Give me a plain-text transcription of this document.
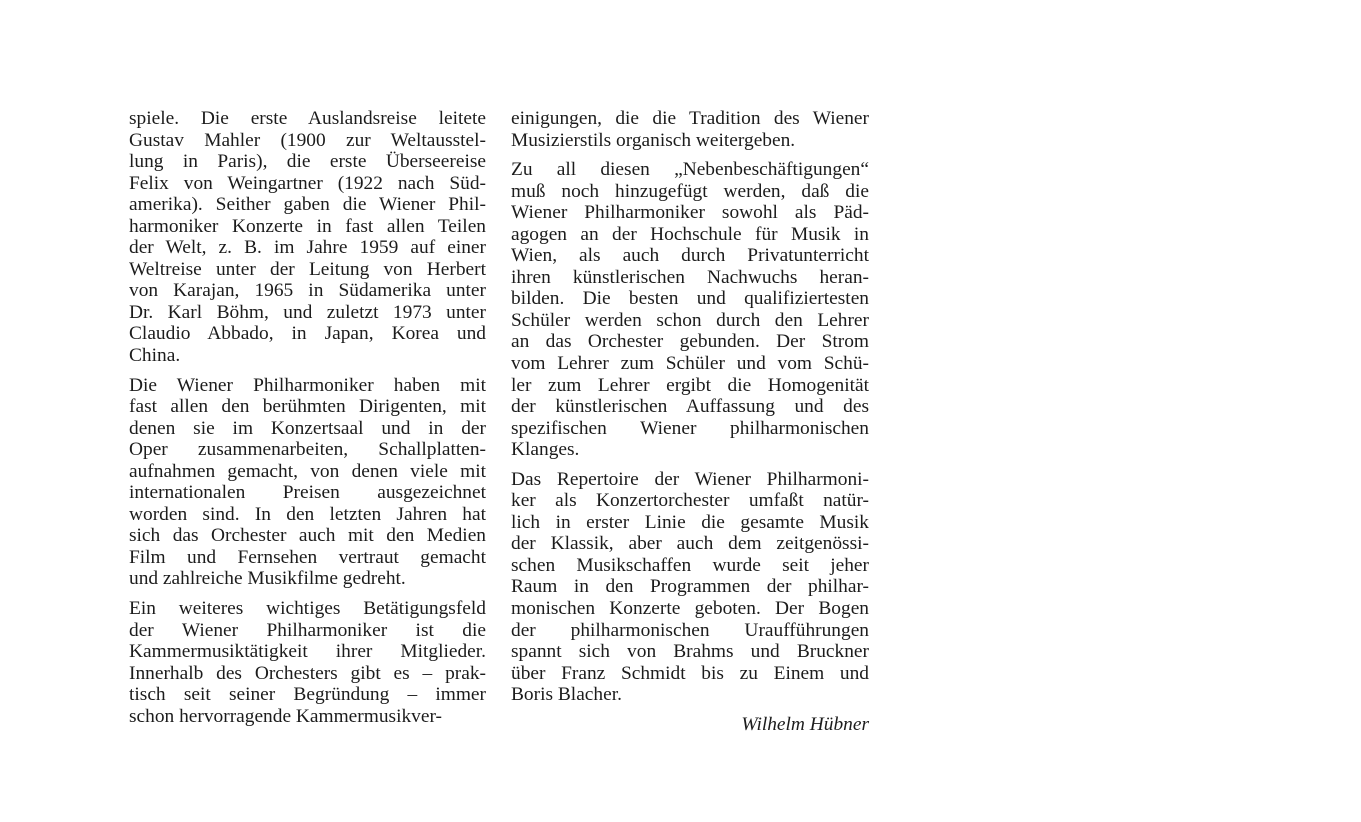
spiele. Die erste Auslandsreise leitete
Gustav Mahler (1900 zur Weltausstel-
lung in Paris), die erste Überseereise
Felix von Weingartner (1922 nach Süd-
amerika). Seither gaben die Wiener Phil-
harmoniker Konzerte in fast allen Teilen
der Welt, z. B. im Jahre 1959 auf einer
Weltreise unter der Leitung von Herbert
von Karajan, 1965 in Südamerika unter
Dr. Karl Böhm, und zuletzt 1973 unter
Claudio Abbado, in Japan, Korea und
China.
Die Wiener Philharmoniker haben mit
fast allen den berühmten Dirigenten, mit
denen sie im Konzertsaal und in der
Oper zusammenarbeiten, Schallplatten-
aufnahmen gemacht, von denen viele mit
internationalen Preisen ausgezeichnet
worden sind. In den letzten Jahren hat
sich das Orchester auch mit den Medien
Film und Fernsehen vertraut gemacht
und zahlreiche Musikfilme gedreht.
Ein weiteres wichtiges Betätigungsfeld
der Wiener Philharmoniker ist die
Kammermusiktätigkeit ihrer Mitglieder.
Innerhalb des Orchesters gibt es – prak-
tisch seit seiner Begründung – immer
schon hervorragende Kammermusikver-
einigungen, die die Tradition des Wiener
Musizierstils organisch weitergeben.
Zu all diesen „Nebenbeschäftigungen“
muß noch hinzugefügt werden, daß die
Wiener Philharmoniker sowohl als Päd-
agogen an der Hochschule für Musik in
Wien, als auch durch Privatunterricht
ihren künstlerischen Nachwuchs heran-
bilden. Die besten und qualifiziertesten
Schüler werden schon durch den Lehrer
an das Orchester gebunden. Der Strom
vom Lehrer zum Schüler und vom Schü-
ler zum Lehrer ergibt die Homogenität
der künstlerischen Auffassung und des
spezifischen Wiener philharmonischen
Klanges.
Das Repertoire der Wiener Philharmoni-
ker als Konzertorchester umfaßt natür-
lich in erster Linie die gesamte Musik
der Klassik, aber auch dem zeitgenössi-
schen Musikschaffen wurde seit jeher
Raum in den Programmen der philhar-
monischen Konzerte geboten. Der Bogen
der philharmonischen Uraufführungen
spannt sich von Brahms und Bruckner
über Franz Schmidt bis zu Einem und
Boris Blacher.
Wilhelm Hübner
